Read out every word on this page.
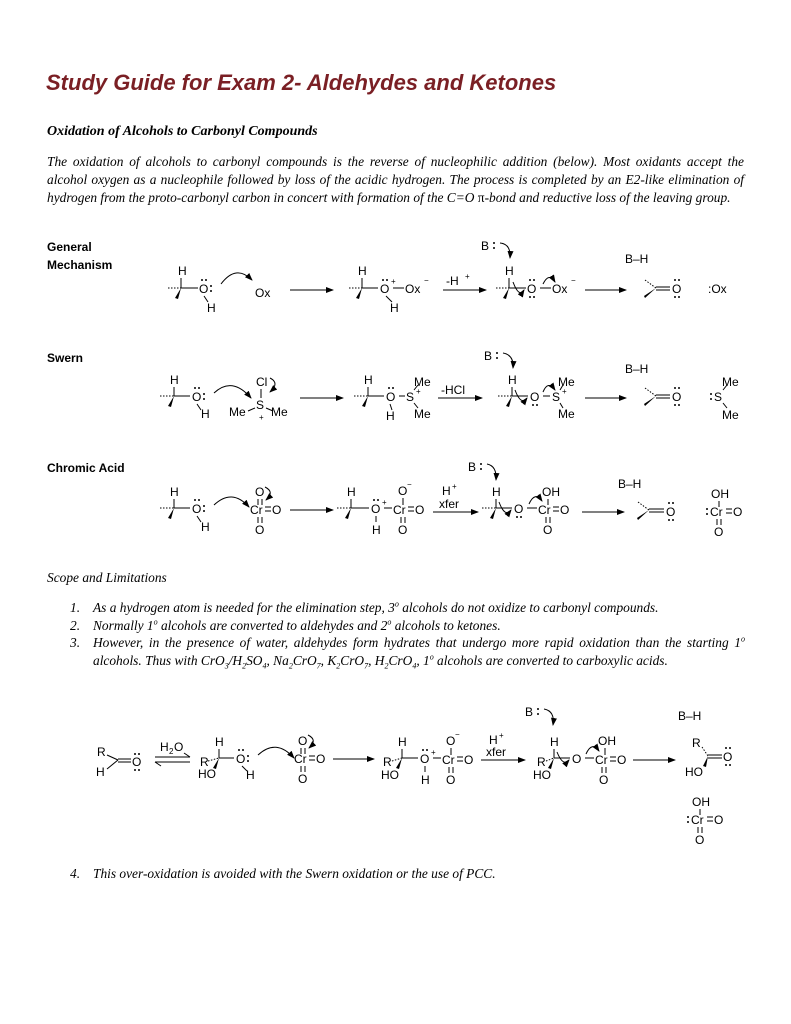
Study Guide for Exam 2- Aldehydes and Ketones
Oxidation of Alcohols to Carbonyl Compounds
The oxidation of alcohols to carbonyl compounds is the reverse of nucleophilic addition (below). Most oxidants accept the alcohol oxygen as a nucleophile followed by loss of the acidic hydrogen. The process is completed by an E2-like elimination of hydrogen from the proto-carbonyl carbon in concert with formation of the C=O π-bond and reductive loss of the leaving group.
General
Mechanism
Swern
Chromic Acid
H
O
H
Ox
H
O
+
Ox
−
H
-H +
B
H
O Ox
−
B–H
O :Ox
H
O
H
Cl
S
Me Me
+
H
O S +
Me
Me
H
-HCl
B
H
O S +
Me
Me
B–H
O	S
Me
Me
H
O
H
O
Cr O
O
H
O +
Cr
O −
O
O
H
H +
xfer
B
H
O Cr
OH
O
O
B–H
O
OH
Cr O
O
Scope and Limitations
1. As a hydrogen atom is needed for the elimination step, 3$^o$ alcohols do not oxidize to carbonyl compounds.
2. Normally 1$^o$ alcohols are converted to aldehydes and 2$^o$ alcohols to ketones.
3. However, in the presence of water, aldehydes form hydrates that undergo more rapid oxidation than the starting 1$^o$ alcohols. Thus with $CrO_3/H_2SO_4$, $Na_2CrO_7$, $K_2CrO_7$, $H_2CrO_4$, 1$^o$ alcohols are converted to carboxylic acids.
R
H
O
H 2 O
R
H
HO
O
H
O
Cr O
O
R
H
HO
O +
Cr
O −
O
O
H
H +
xfer
B
R
H
HO
O Cr
OH
O
O
B–H
R
HO
O
OH
Cr O
O
4. This over-oxidation is avoided with the Swern oxidation or the use of PCC.
